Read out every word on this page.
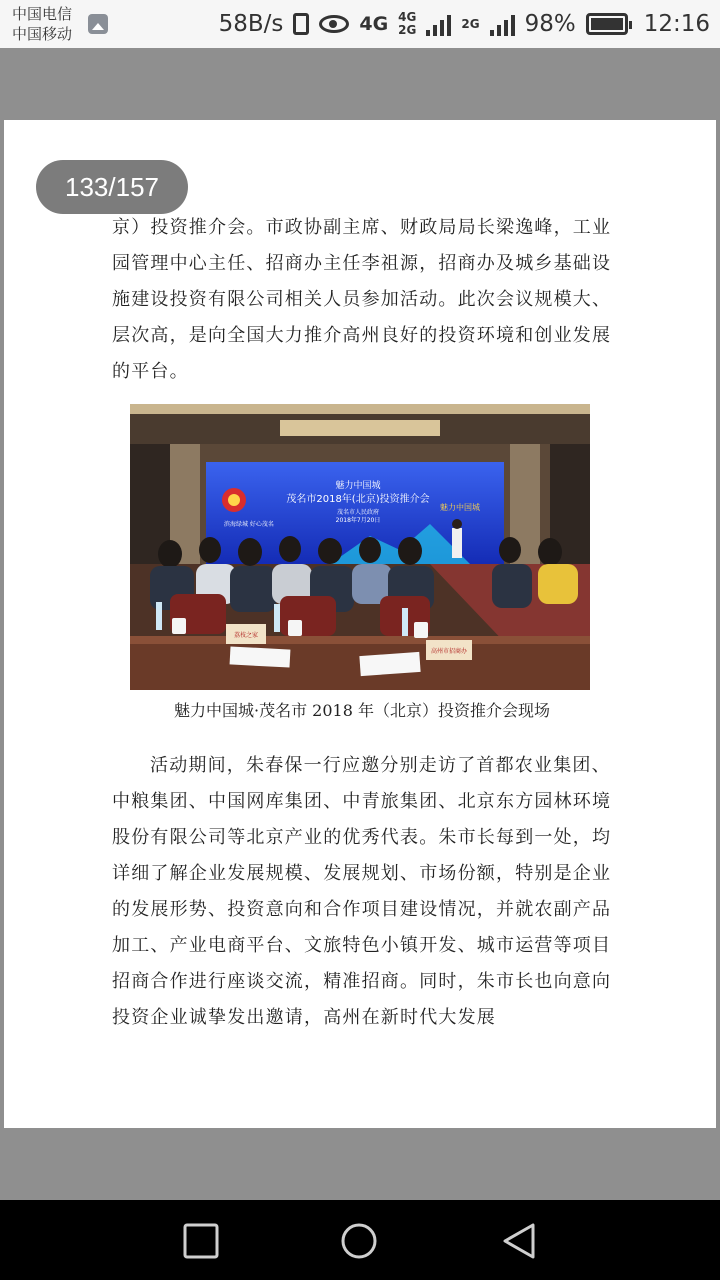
中国电信
中国移动	58B/s	4G 4G
2G	2G 98%	12:16

京）投资推介会。市政协副主席、财政局局长梁逸峰，工业园管理中心主任、招商办主任李祖源，招商办及城乡基础设施建设投资有限公司相关人员参加活动。此次会议规模大、层次高，是向全国大力推介高州良好的投资环境和创业发展的平台。

滨海绿城 好心茂名
魅力中国城
茂名市2018年(北京)投资推介会
茂名市人民政府
2018年7月20日
魅力中国城
荔枝之家
高州市招商办
魅力中国城·茂名市 2018 年（北京）投资推介会现场

活动期间，朱春保一行应邀分别走访了首都农业集团、中粮集团、中国网库集团、中青旅集团、北京东方园林环境股份有限公司等北京产业的优秀代表。朱市长每到一处，均详细了解企业发展规模、发展规划、市场份额，特别是企业的发展形势、投资意向和合作项目建设情况，并就农副产品加工、产业电商平台、文旅特色小镇开发、城市运营等项目招商合作进行座谈交流，精准招商。同时，朱市长也向意向投资企业诚挚发出邀请，高州在新时代大发展

133/157
